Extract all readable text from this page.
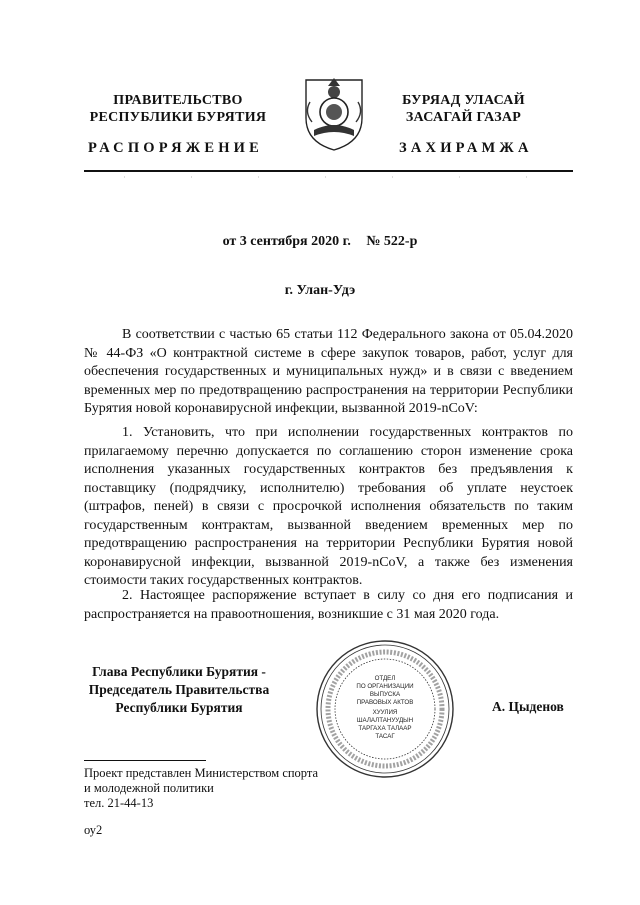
ПРАВИТЕЛЬСТВО
РЕСПУБЛИКИ БУРЯТИЯ
БУРЯАД УЛАСАЙ
ЗАСАГАЙ ГАЗАР
РАСПОРЯЖЕНИЕ	ЗАХИРАМЖА
от 3 сентября 2020 г. № 522-р
г. Улан-Удэ

В соответствии с частью 65 статьи 112 Федерального закона от 05.04.2020 № 44-ФЗ «О контрактной системе в сфере закупок товаров, работ, услуг для обеспечения государственных и муниципальных нужд» и в связи с введением временных мер по предотвращению распространения на территории Республики Бурятия новой коронавирусной инфекции, вызванной 2019-nCoV:

1. Установить, что при исполнении государственных контрактов по прилагаемому перечню допускается по соглашению сторон изменение срока исполнения указанных государственных контрактов без предъявления к поставщику (подрядчику, исполнителю) требования об уплате неустоек (штрафов, пеней) в связи с просрочкой исполнения обязательств по таким государственным контрактам, вызванной введением временных мер по предотвращению распространения на территории Республики Бурятия новой коронавирусной инфекции, вызванной 2019-nCoV, а также без изменения стоимости таких государственных контрактов.

2. Настоящее распоряжение вступает в силу со дня его подписания и распространяется на правоотношения, возникшие с 31 мая 2020 года.

Глава Республики Бурятия -
Председатель Правительства
Республики Бурятия
ОТДЕЛ
ПО ОРГАНИЗАЦИИ
ВЫПУСКА
ПРАВОВЫХ АКТОВ
ХУУЛИЯ
ШАЛАЛТАНУУДЫН
ТАРГАХА ТАЛААР
ТАСАГ
А. Цыденов
Проект представлен Министерством спорта
и молодежной политики
тел. 21-44-13
оу2
